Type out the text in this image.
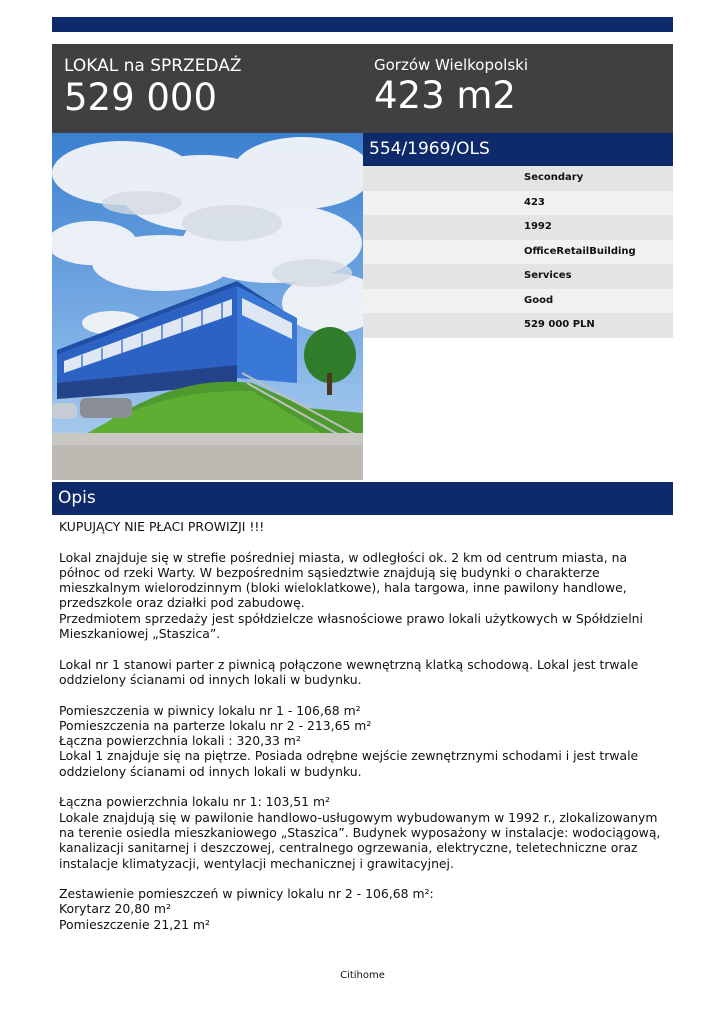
LOKAL na SPRZEDAŻ
529 000
Gorzów Wielkopolski
423 m2
554/1969/OLS
Secondary
423
1992
OfficeRetailBuilding
Services
Good
529 000 PLN
Opis

KUPUJĄCY NIE PŁACI PROWIZJI !!!

Lokal znajduje się w strefie pośredniej miasta, w odległości ok. 2 km od centrum miasta, na północ od rzeki Warty. W bezpośrednim sąsiedztwie znajdują się budynki o charakterze mieszkalnym wielorodzinnym (bloki wieloklatkowe), hala targowa, inne pawilony handlowe, przedszkole oraz działki pod zabudowę.

Przedmiotem sprzedaży jest spółdzielcze własnościowe prawo lokali użytkowych w Spółdzielni Mieszkaniowej „Staszica”.

Lokal nr 1 stanowi parter z piwnicą połączone wewnętrzną klatką schodową. Lokal jest trwale oddzielony ścianami od innych lokali w budynku.

Pomieszczenia w piwnicy lokalu nr 1 - 106,68 m²

Pomieszczenia na parterze lokalu nr 2 - 213,65 m²

Łączna powierzchnia lokali : 320,33 m²

Lokal 1 znajduje się na piętrze. Posiada odrębne wejście zewnętrznymi schodami i jest trwale oddzielony ścianami od innych lokali w budynku.

Łączna powierzchnia lokalu nr 1: 103,51 m²

Lokale znajdują się w pawilonie handlowo-usługowym wybudowanym w 1992 r., zlokalizowanym na terenie osiedla mieszkaniowego „Staszica”. Budynek wyposażony w instalacje: wodociągową, kanalizacji sanitarnej i deszczowej, centralnego ogrzewania, elektryczne, teletechniczne oraz instalacje klimatyzacji, wentylacji mechanicznej i grawitacyjnej.

Zestawienie pomieszczeń w piwnicy lokalu nr 2 - 106,68 m²:

Korytarz 20,80 m²

Pomieszczenie 21,21 m²

Citihome
